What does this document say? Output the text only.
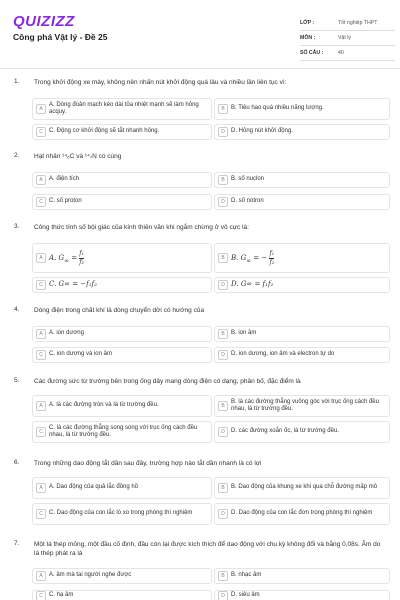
QUIZIZZ
Công phá Vật lý - Đề 25
LỚP :	Tốt nghiệp THPT
MÔN :	Vật lý
SỐ CÂU :	40
1. Trong khởi động xe máy, không nên nhấn nút khởi động quá lâu và nhiều lần liên tục vì:
A
A. Dòng đoản mạch kéo dài tỏa nhiệt mạnh sẽ làm hỏng acquy.	B	B. Tiêu hao quá nhiều năng lượng.
C	C. Động cơ khởi động sẽ tắt nhanh hỏng.	D	D. Hỏng nút khởi động.
2. Hạt nhân ¹⁴₆C và ¹⁴₇N có cùng
A	A. điện tích	B	B. số nuclon
C	C. số proton	D	D. số notron
3. Công thức tính số bội giác của kính thiên văn khi ngắm chừng ở vô cực là:
A A. $G_\infty = \frac{\text{f₁}}{\text{f₂}}$	B B. $G_\infty$ = − $\frac{\text{f₁}}{\text{f₂}}$
C C. G∞ = −f₁f₂	D D. G∞ = f₁f₂
4. Dòng điện trong chất khí là dòng chuyển dời có hướng của
A	A. ion dương	B	B. ion âm
C	C. ion dương và ion âm	D	D. ion dương, ion âm và electron tự do
5. Các đường sức từ trường bên trong ống dây mang dòng điện có dạng, phân bố, đặc điểm là
A	A. là các đường tròn và là từ trường đều.	B
B. là các đường thẳng vuông góc với trục ống cách đều nhau, là từ trường đều.
C
C. là các đường thẳng song song với trục ống cách đều nhau, là từ trường đều.	D	D. các đường xoắn ốc, là từ trường đều.
6. Trong những dao động tắt dần sau đây, trường hợp nào tắt dần nhanh là có lợi
A	A. Dao động của quả lắc đồng hồ	B	B. Dao động của khung xe khi qua chỗ đường mấp mô
C	C. Dao động của con lắc lò xo trong phòng thí nghiệm	D	D. Dao động của con lắc đơn trong phòng thí nghiệm
7. Một lá thép mỏng, một đầu cố định, đầu còn lại được kích thích để dao động với chu kỳ không đổi và bằng 0,08s. Âm do lá thép phát ra là
A	A. âm mà tai người nghe được	B	B. nhạc âm
C	C. hạ âm	D	D. siêu âm
